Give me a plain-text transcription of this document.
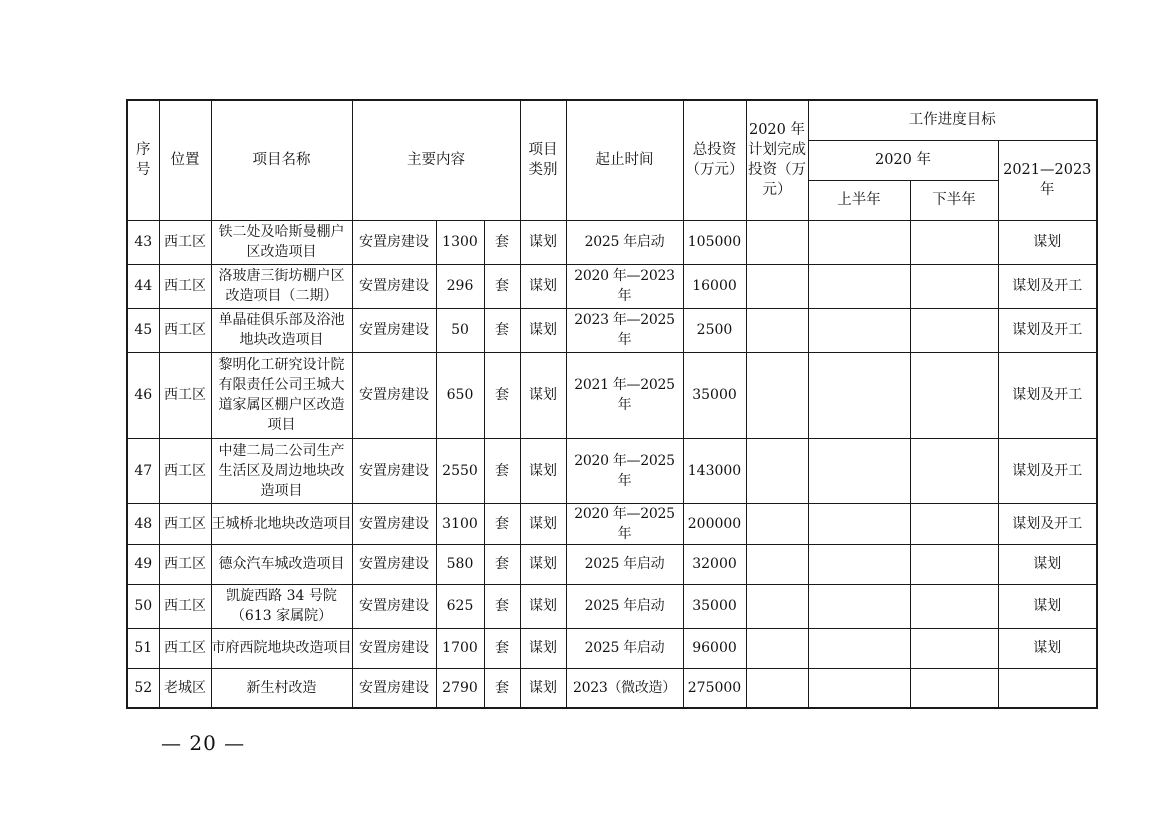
序号	位置	项目名称	主要内容			项目类别	起止时间	总投资（万元）	2020 年计划完成投资（万元）	工作进度目标		
										2020 年		2021—2023 年
										上半年	下半年	
43	西工区	铁二处及哈斯曼棚户区改造项目	安置房建设	1300	套	谋划	2025 年启动	105000				谋划
44	西工区	洛玻唐三街坊棚户区改造项目（二期）	安置房建设	296	套	谋划	2020 年—2023 年	16000				谋划及开工
45	西工区	单晶硅俱乐部及浴池地块改造项目	安置房建设	50	套	谋划	2023 年—2025 年	2500				谋划及开工
46	西工区	黎明化工研究设计院有限责任公司王城大道家属区棚户区改造项目	安置房建设	650	套	谋划	2021 年—2025 年	35000				谋划及开工
47	西工区	中建二局二公司生产生活区及周边地块改造项目	安置房建设	2550	套	谋划	2020 年—2025 年	143000				谋划及开工
48	西工区	王城桥北地块改造项目	安置房建设	3100	套	谋划	2020 年—2025 年	200000				谋划及开工
49	西工区	德众汽车城改造项目	安置房建设	580	套	谋划	2025 年启动	32000				谋划
50	西工区	凯旋西路 34 号院（613 家属院）	安置房建设	625	套	谋划	2025 年启动	35000				谋划
51	西工区	市府西院地块改造项目	安置房建设	1700	套	谋划	2025 年启动	96000				谋划
52	老城区	新生村改造	安置房建设	2790	套	谋划	2023（微改造）	275000				
— 20 —
